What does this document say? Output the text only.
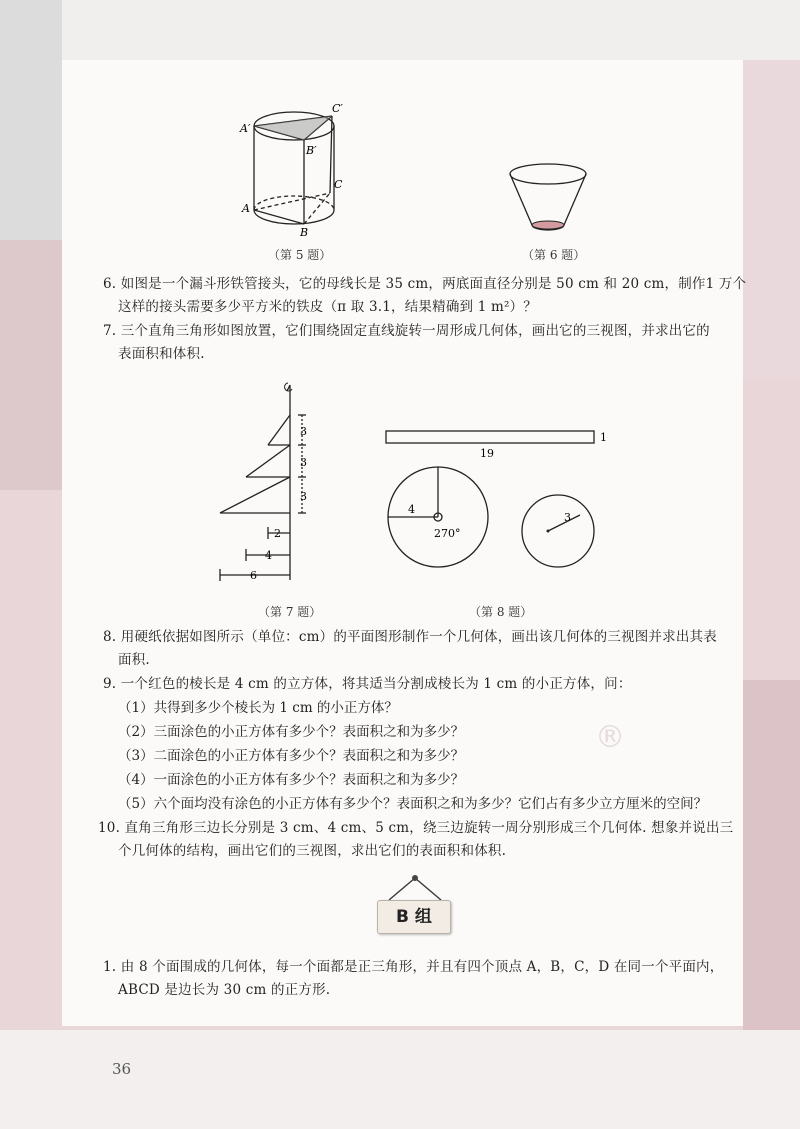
A′
C′
B′
C
A
B
（第 5 题）	（第 6 题）
6. 如图是一个漏斗形铁管接头，它的母线长是 35 cm，两底面直径分别是 50 cm 和 20 cm，制作1 万个
这样的接头需要多少平方米的铁皮（π 取 3.1，结果精确到 1 m²）？
7. 三个直角三角形如图放置，它们围绕固定直线旋转一周形成几何体，画出它的三视图，并求出它的
表面积和体积.
3
3
3
2
4
6
（第 7 题）
19
1
4
270°
3
（第 8 题）
8. 用硬纸依据如图所示（单位：cm）的平面图形制作一个几何体，画出该几何体的三视图并求出其表
面积.
9. 一个红色的棱长是 4 cm 的立方体，将其适当分割成棱长为 1 cm 的小正方体，问：
（1）共得到多少个棱长为 1 cm 的小正方体？
（2）三面涂色的小正方体有多少个？表面积之和为多少？
（3）二面涂色的小正方体有多少个？表面积之和为多少？
（4）一面涂色的小正方体有多少个？表面积之和为多少？
（5）六个面均没有涂色的小正方体有多少个？表面积之和为多少？它们占有多少立方厘米的空间？
10. 直角三角形三边长分别是 3 cm、4 cm、5 cm，绕三边旋转一周分别形成三个几何体. 想象并说出三
个几何体的结构，画出它们的三视图，求出它们的表面积和体积.
®
B 组
1. 由 8 个面围成的几何体，每一个面都是正三角形，并且有四个顶点 A，B，C，D 在同一个平面内，
ABCD 是边长为 30 cm 的正方形.
36
